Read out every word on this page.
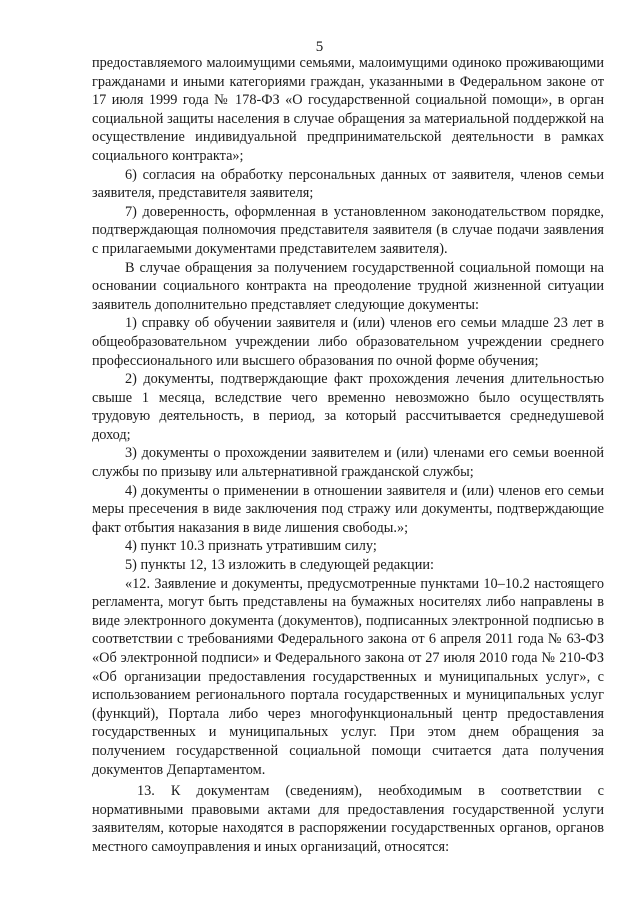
5

предоставляемого малоимущими семьями, малоимущими одиноко проживающими гражданами и иными категориями граждан, указанными в Федеральном законе от 17 июля 1999 года № 178-ФЗ «О государственной социальной помощи», в орган социальной защиты населения в случае обращения за материальной поддержкой на осуществление индивидуальной предпринимательской деятельности в рамках социального контракта»;

6) согласия на обработку персональных данных от заявителя, членов семьи заявителя, представителя заявителя;

7) доверенность, оформленная в установленном законодательством порядке, подтверждающая полномочия представителя заявителя (в случае подачи заявления с прилагаемыми документами представителем заявителя).

В случае обращения за получением государственной социальной помощи на основании социального контракта на преодоление трудной жизненной ситуации заявитель дополнительно представляет следующие документы:

1) справку об обучении заявителя и (или) членов его семьи младше 23 лет в общеобразовательном учреждении либо образовательном учреждении среднего профессионального или высшего образования по очной форме обучения;

2) документы, подтверждающие факт прохождения лечения длительностью свыше 1 месяца, вследствие чего временно невозможно было осуществлять трудовую деятельность, в период, за который рассчитывается среднедушевой доход;

3) документы о прохождении заявителем и (или) членами его семьи военной службы по призыву или альтернативной гражданской службы;

4) документы о применении в отношении заявителя и (или) членов его семьи меры пресечения в виде заключения под стражу или документы, подтверждающие факт отбытия наказания в виде лишения свободы.»;

4) пункт 10.3 признать утратившим силу;

5) пункты 12, 13 изложить в следующей редакции:

«12. Заявление и документы, предусмотренные пунктами 10–10.2 настоящего регламента, могут быть представлены на бумажных носителях либо направлены в виде электронного документа (документов), подписанных электронной подписью в соответствии с требованиями Федерального закона от 6 апреля 2011 года № 63-ФЗ «Об электронной подписи» и Федерального закона от 27 июля 2010 года № 210-ФЗ «Об организации предоставления государственных и муниципальных услуг», с использованием регионального портала государственных и муниципальных услуг (функций), Портала либо через многофункциональный центр предоставления государственных и муниципальных услуг. При этом днем обращения за получением государственной социальной помощи считается дата получения документов Департаментом.

13. К документам (сведениям), необходимым в соответствии с нормативными правовыми актами для предоставления государственной услуги заявителям, которые находятся в распоряжении государственных органов, органов местного самоуправления и иных организаций, относятся:
